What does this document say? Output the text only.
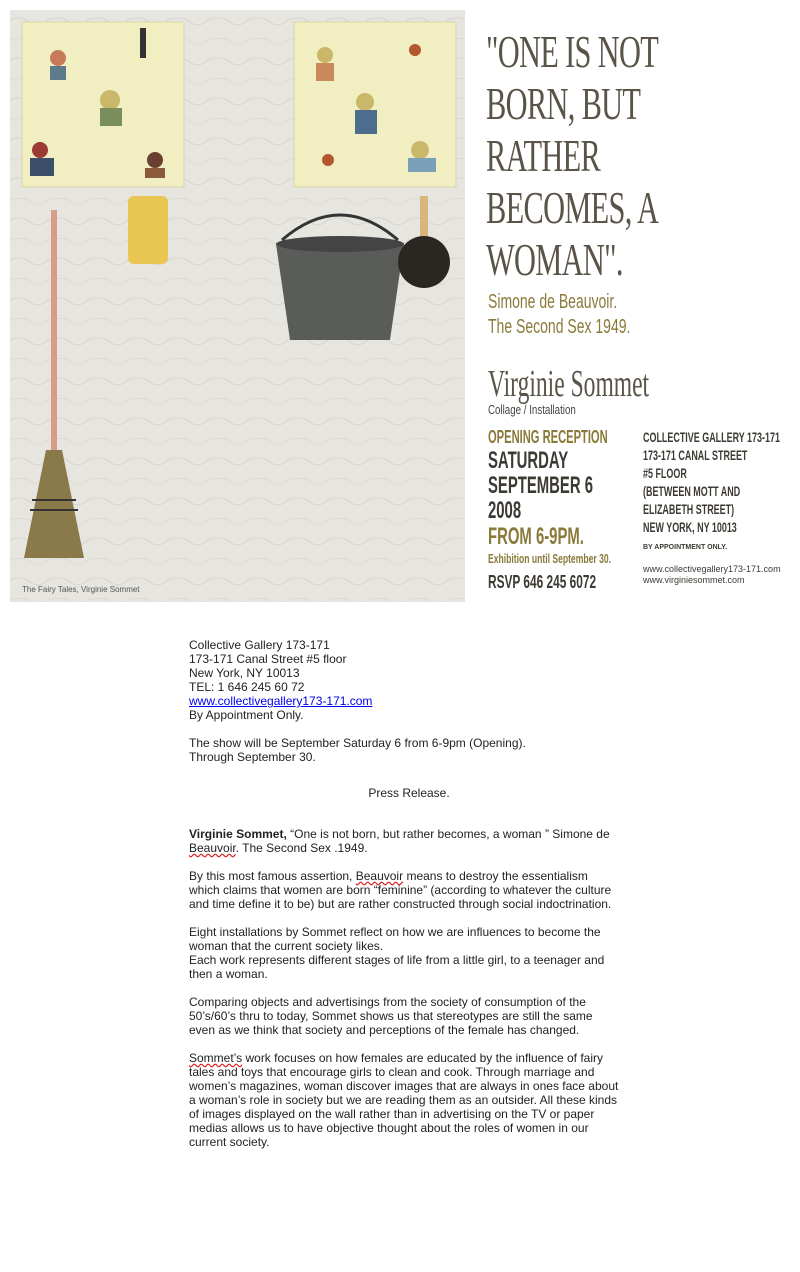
The Fairy Tales, Virginie Sommet
"ONE IS NOT
BORN, BUT
RATHER
BECOMES, A
WOMAN".
Simone de Beauvoir.
The Second Sex 1949.
Virginie Sommet
Collage / Installation
OPENING RECEPTION
SATURDAY
SEPTEMBER 6
2008
FROM 6-9PM.
Exhibition until September 30.
RSVP 646 245 6072
COLLECTIVE GALLERY 173-171
173-171 CANAL STREET
#5 FLOOR
(BETWEEN MOTT AND
ELIZABETH STREET)
NEW YORK, NY 10013
BY APPOINTMENT ONLY.
www.collectivegallery173-171.com
www.virginiesommet.com
Collective Gallery 173-171
173-171 Canal Street #5 floor
New York, NY 10013
TEL: 1 646 245 60 72
www.collectivegallery173-171.com
By Appointment Only.
The show will be September Saturday 6 from 6-9pm (Opening).
Through September 30.
Press Release.

Virginie Sommet, “One is not born, but rather becomes, a woman ” Simone de
Beauvoir. The Second Sex .1949.

By this most famous assertion, Beauvoir means to destroy the essentialism
which claims that women are born “feminine” (according to whatever the culture
and time define it to be) but are rather constructed through social indoctrination.

Eight installations by Sommet reflect on how we are influences to become the
woman that the current society likes.
Each work represents different stages of life from a little girl, to a teenager and
then a woman.

Comparing objects and advertisings from the society of consumption of the
50’s/60’s thru to today, Sommet shows us that stereotypes are still the same
even as we think that society and perceptions of the female has changed.

Sommet’s work focuses on how females are educated by the influence of fairy
tales and toys that encourage girls to clean and cook. Through marriage and
women’s magazines, woman discover images that are always in ones face about
a woman’s role in society but we are reading them as an outsider. All these kinds
of images displayed on the wall rather than in advertising on the TV or paper
medias allows us to have objective thought about the roles of women in our
current society.
